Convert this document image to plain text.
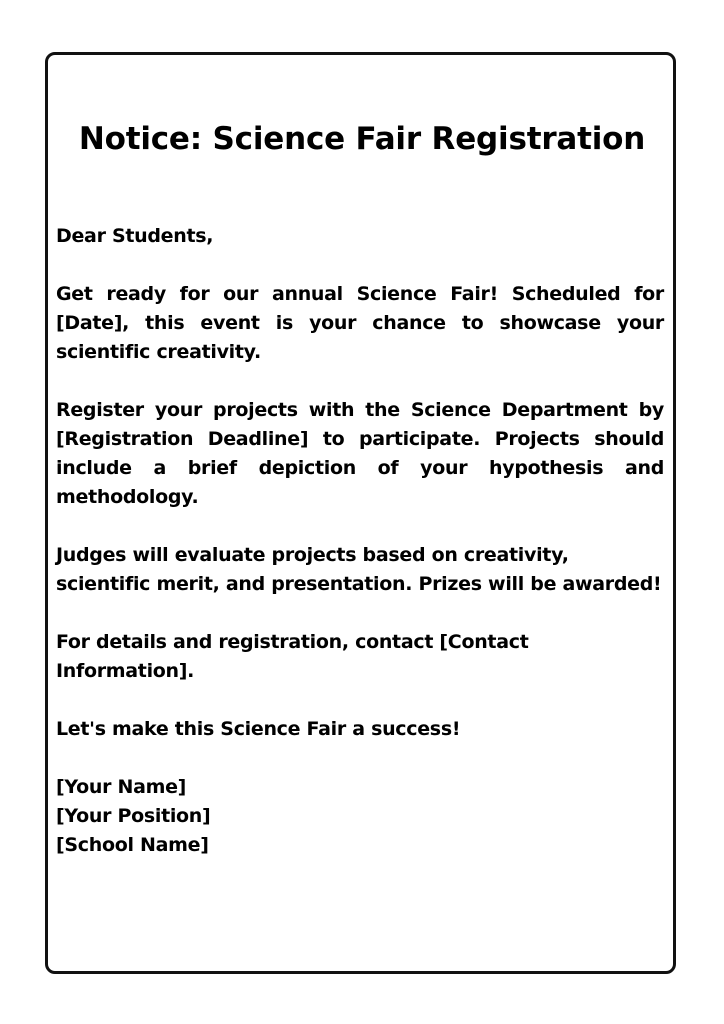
Notice: Science Fair Registration

Dear Students,

Get ready for our annual Science Fair! Scheduled for [Date], this event is your chance to showcase your scientific creativity.

Register your projects with the Science Department by [Registration Deadline] to participate. Projects should include a brief depiction of your hypothesis and methodology.

Judges will evaluate projects based on creativity, scientific merit, and presentation. Prizes will be awarded!

For details and registration, contact [Contact Information].

Let's make this Science Fair a success!

[Your Name]
[Your Position]
[School Name]
